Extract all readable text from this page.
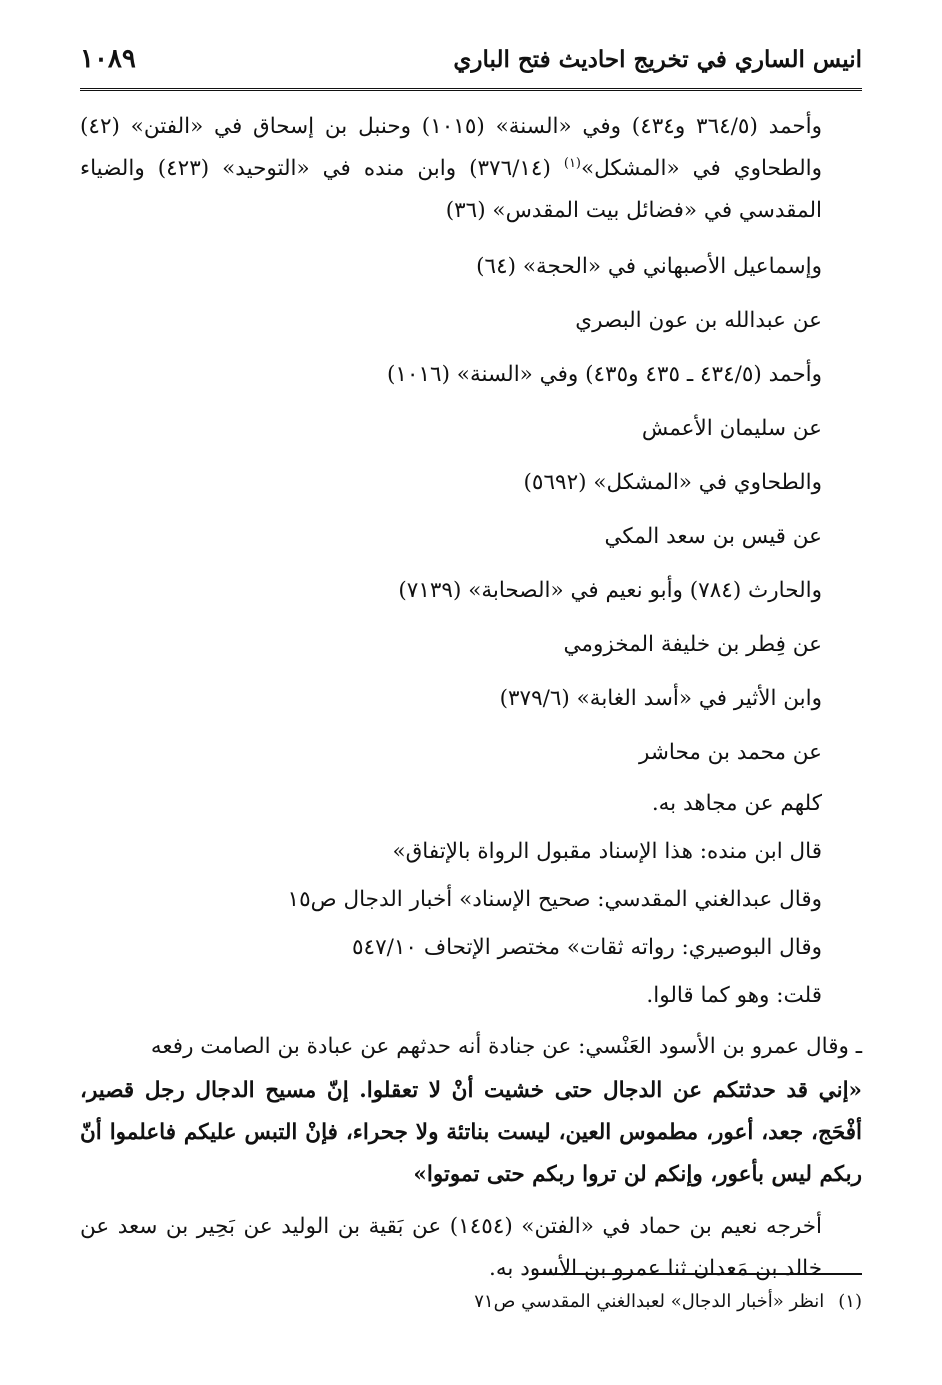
انيس الساري في تخريج احاديث فتح الباري
١٠٨٩

وأحمد (٣٦٤/٥ و٤٣٤) وفي «السنة» (١٠١٥) وحنبل بن إسحاق في «الفتن» (٤٢) والطحاوي في «المشكل»$^{(١)}$ (٣٧٦/١٤) وابن منده في «التوحيد» (٤٢٣) والضياء المقدسي في «فضائل بيت المقدس» (٣٦)

وإسماعيل الأصبهاني في «الحجة» (٦٤)

عن عبدالله بن عون البصري

وأحمد (٤٣٤/٥ ـ ٤٣٥ و٤٣٥) وفي «السنة» (١٠١٦)

عن سليمان الأعمش

والطحاوي في «المشكل» (٥٦٩٢)

عن قيس بن سعد المكي

والحارث (٧٨٤) وأبو نعيم في «الصحابة» (٧١٣٩)

عن فِطر بن خليفة المخزومي

وابن الأثير في «أسد الغابة» (٣٧٩/٦)

عن محمد بن محاشر

كلهم عن مجاهد به.

قال ابن منده: هذا الإسناد مقبول الرواة بالإتفاق»

وقال عبدالغني المقدسي: صحيح الإسناد» أخبار الدجال ص١٥

وقال البوصيري: رواته ثقات» مختصر الإتحاف ٥٤٧/١٠

قلت: وهو كما قالوا.

ـ وقال عمرو بن الأسود العَنْسي: عن جنادة أنه حدثهم عن عبادة بن الصامت رفعه

«إني قد حدثتكم عن الدجال حتى خشيت أنْ لا تعقلوا. إنّ مسيح الدجال رجل قصير، أفْحَج، جعد، أعور، مطموس العين، ليست بناتئة ولا جحراء، فإنْ التبس عليكم فاعلموا أنّ ربكم ليس بأعور، وإنكم لن تروا ربكم حتى تموتوا»

أخرجه نعيم بن حماد في «الفتن» (١٤٥٤) عن بَقية بن الوليد عن بَحِير بن سعد عن خالد بن مَعدان ثنا عمرو بن الأسود به.

(١)انظر «أخبار الدجال» لعبدالغني المقدسي ص٧١
